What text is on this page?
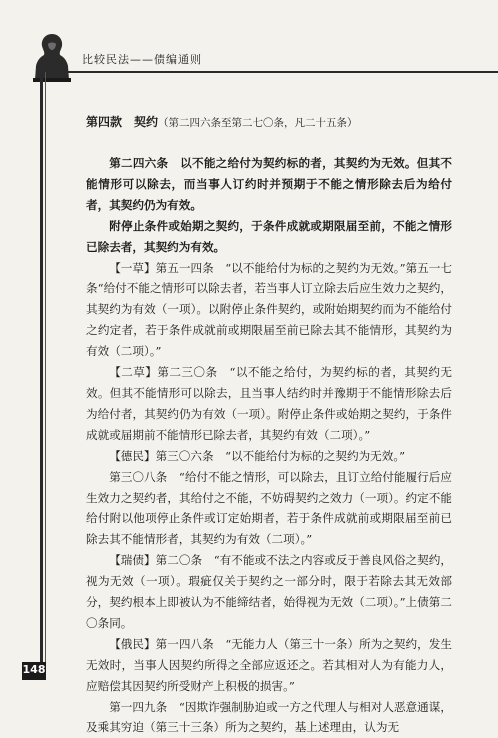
比较民法——债编通则

第四款　契约（第二四六条至第二七〇条，凡二十五条）

第二四六条　以不能之给付为契约标的者，其契约为无效。但其不能情形可以除去，而当事人订约时并预期于不能之情形除去后为给付者，其契约仍为有效。

附停止条件或始期之契约，于条件成就或期限届至前，不能之情形已除去者，其契约为有效。

【一草】第五一四条　“以不能给付为标的之契约为无效。”第五一七条“给付不能之情形可以除去者，若当事人订立除去后应生效力之契约，其契约为有效（一项）。以附停止条件契约，或附始期契约而为不能给付之约定者，若于条件成就前或期限届至前已除去其不能情形，其契约为有效（二项）。”

【二草】第二三〇条　“以不能之给付，为契约标的者，其契约无效。但其不能情形可以除去，且当事人结约时并豫期于不能情形除去后为给付者，其契约仍为有效（一项）。附停止条件或始期之契约，于条件成就或届期前不能情形已除去者，其契约有效（二项）。”

【德民】第三〇六条　“以不能给付为标的之契约为无效。”

第三〇八条　“给付不能之情形，可以除去，且订立给付能履行后应生效力之契约者，其给付之不能，不妨碍契约之效力（一项）。约定不能给付附以他项停止条件或订定始期者，若于条件成就前或期限届至前已除去其不能情形者，其契约为有效（二项）。”

【瑞债】第二〇条　“有不能或不法之内容或反于善良风俗之契约，视为无效（一项）。瑕疵仅关于契约之一部分时，限于若除去其无效部分，契约根本上即被认为不能缔结者，始得视为无效（二项）。”上债第二〇条同。

【俄民】第一四八条　“无能力人（第三十一条）所为之契约，发生无效时，当事人因契约所得之全部应返还之。若其相对人为有能力人，应赔偿其因契约所受财产上积极的损害。”

第一四九条　“因欺诈强制胁迫或一方之代理人与相对人恶意通谋，及乘其穷迫（第三十三条）所为之契约，基上述理由，认为无

148
